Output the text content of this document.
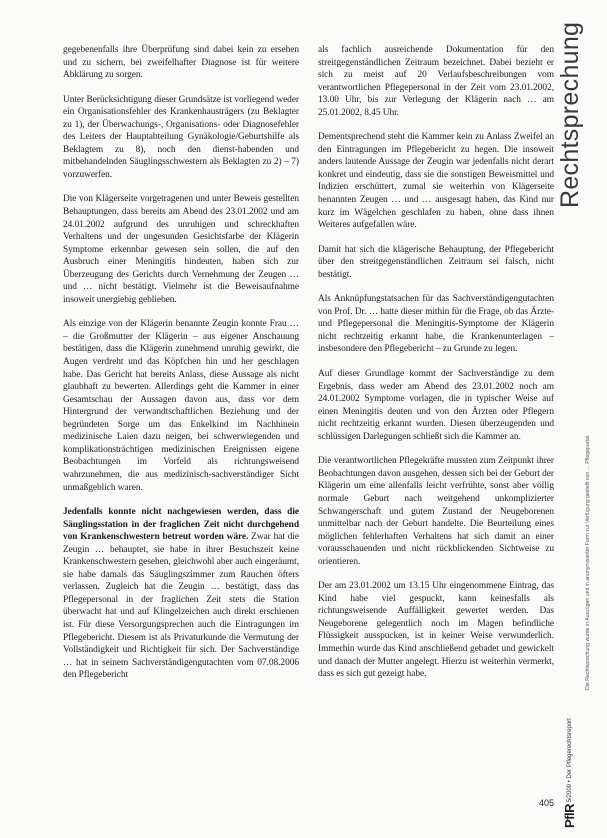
Rechtsprechung

gegebenenfalls ihre Überprüfung sind dabei kein zu ersehen und zu sichern, bei zweifelhafter Diagnose ist für weitere Abklärung zu sorgen.

Unter Berücksichtigung dieser Grundsätze ist vorliegend weder ein Organisationsfehler des Krankenhausträgers (zu Beklagter zu 1), der Überwachungs-, Organisations- oder Diagnosefehler des Leiters der Hauptabteilung Gynäkologie/Geburtshilfe als Beklagtem zu 8), noch den dienst-habenden und mitbehandelnden Säuglingsschwestern als Beklagten zu 2) – 7) vorzuwerfen.

Die von Klägerseite vorgetragenen und unter Beweis gestellten Behauptungen, dass bereits am Abend des 23.01.2002 und am 24.01.2002 aufgrund des unruhigen und schreckhaften Verhaltens und der ungesunden Gesichtsfarbe der Klägerin Symptome erkennbar gewesen sein sollen, die auf den Ausbruch einer Meningitis hindeuten, haben sich zur Überzeugung des Gerichts durch Vernehmung der Zeugen … und … nicht bestätigt. Vielmehr ist die Beweisaufnahme insoweit unergiebig geblieben.

Als einzige von der Klägerin benannte Zeugin konnte Frau … – die Großmutter der Klägerin – aus eigener Anschauung bestätigen, dass die Klägerin zunehmend unruhig gewirkt, die Augen verdreht und das Köpfchen hin und her geschlagen habe. Das Gericht hat bereits Anlass, diese Aussage als nicht glaubhaft zu bewerten. Allerdings geht die Kammer in einer Gesamtschau der Aussagen davon aus, dass vor dem Hintergrund der verwandtschaftlichen Beziehung und der begründeten Sorge um das Enkelkind im Nachhinein medizinische Laien dazu neigen, bei schwerwiegenden und komplikationsträchtigen medizinischen Ereignissen eigene Beobachtungen im Vorfeld als richtungsweisend wahrzunehmen, die aus medizinisch-sachverständiger Sicht unmaßgeblich waren.

Jedenfalls konnte nicht nachgewiesen werden, dass die Säuglingsstation in der fraglichen Zeit nicht durchgehend von Krankenschwestern betreut worden wäre. Zwar hat die Zeugin … behauptet, sie habe in ihrer Besuchszeit keine Krankenschwestern gesehen, gleichwohl aber auch eingeräumt, sie habe damals das Säuglingszimmer zum Rauchen öfters verlassen. Zugleich hat die Zeugin … bestätigt, dass das Pflegepersonal in der fraglichen Zeit stets die Station überwacht hat und auf Klingelzeichen auch direkt erschienen ist. Für diese Versorgungsprechen auch die Eintragungen im Pflegebericht. Diesem ist als Privaturkunde die Vermutung der Vollständigkeit und Richtigkeit für sich. Der Sachverständige … hat in seinem Sachverständigengutachten vom 07.08.2006 den Pflegebericht

als fachlich ausreichende Dokumentation für den streitgegenständlichen Zeitraum bezeichnet. Dabei bezieht er sich zu meist auf 20 Verlaufsbeschreibungen vom verantwortlichen Pflegepersonal in der Zeit vom 23.01.2002, 13.00 Uhr, bis zur Verlegung der Klägerin nach … am 25.01.2002, 8.45 Uhr.

Dementsprechend steht die Kammer kein zu Anlass Zweifel an den Eintragungen im Pflegebericht zu hegen. Die insoweit anders lautende Aussage der Zeugin war jedenfalls nicht derart konkret und eindeutig, dass sie die sonstigen Beweismittel und Indizien erschüttert, zumal sie weiterhin von Klägerseite benannten Zeugen … und … ausgesagt haben, das Kind nur kurz im Wägelchen geschlafen zu haben, ohne dass ihnen Weiteres aufgefallen wäre.

Damit hat sich die klägerische Behauptung, der Pflegebericht über den streitgegenständlichen Zeitraum sei falsch, nicht bestätigt.

Als Anknüpfungstatsachen für das Sachverständigengutachten von Prof. Dr. … hatte dieser mithin für die Frage, ob das Ärzte- und Pflegepersonal die Meningitis-Symptome der Klägerin nicht rechtzeitig erkannt habe, die Krankenunterlagen – insbesondere den Pflegebericht – zu Grunde zu legen.

Auf dieser Grundlage kommt der Sachverständige zu dem Ergebnis, dass weder am Abend des 23.01.2002 noch am 24.01.2002 Symptome vorlagen, die in typischer Weise auf einen Meningitis deuten und von den Ärzten oder Pflegern nicht rechtzeitig erkannt wurden. Diesen überzeugenden und schlüssigen Darlegungen schließt sich die Kammer an.

Die verantwortlichen Pflegekräfte mussten zum Zeitpunkt ihrer Beobachtungen davon ausgehen, dessen sich bei der Geburt der Klägerin um eine allenfalls leicht verfrühte, sonst aber völlig normale Geburt nach weitgehend unkomplizierter Schwangerschaft und gutem Zustand der Neugeborenen unmittelbar nach der Geburt handelte. Die Beurteilung eines möglichen fehlerhaften Verhaltens hat sich damit an einer vorausschauenden und nicht rückblickenden Sichtweise zu orientieren.

Der am 23.01.2002 um 13.15 Uhr eingenommene Eintrag, das Kind habe viel gespuckt, kann keinesfalls als richtungsweisende Auffälligkeit gewertet werden. Das Neugeborene gelegentlich noch im Magen befindliche Flüssigkeit ausspucken, ist in keiner Weise verwunderlich. Immerhin wurde das Kind anschließend gebadet und gewickelt und danach der Mutter angelegt. Hierzu ist weiterhin vermerkt, dass es sich gut gezeigt habe.	Die Rechtsprechung wurde in Auszügen und in anonymisierter Form zur Verfügung gestellt von … Pflegeportal.
PflR 5/2009 • Der Pflegerechtsreport
405
